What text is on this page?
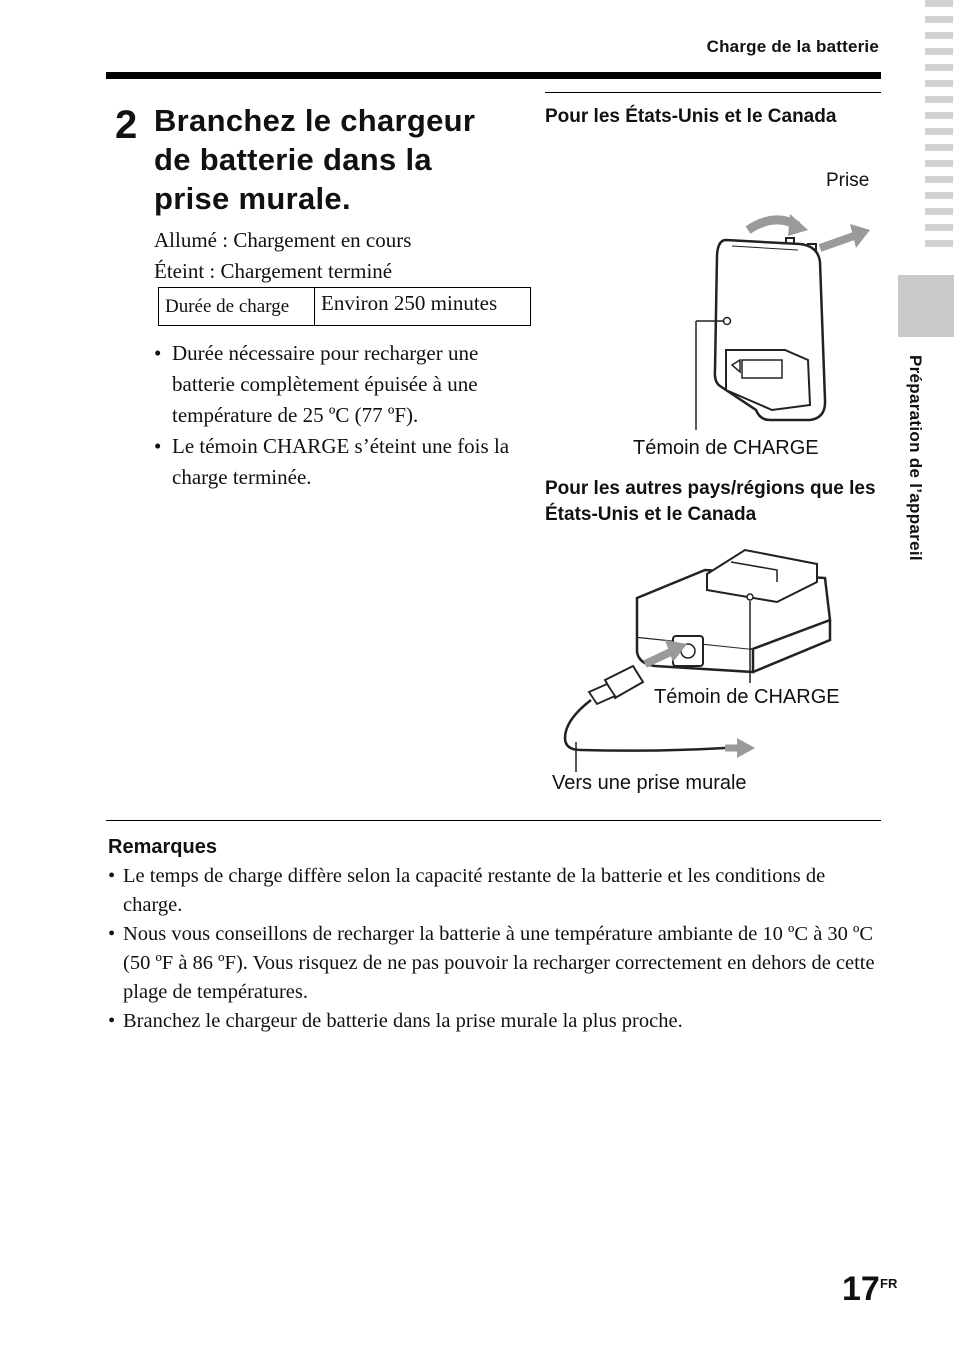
Charge de la batterie
Préparation de l’appareil
2 Branchez le chargeur de batterie dans la prise murale.
Allumé : Chargement en cours
Éteint : Chargement terminé
Durée de charge	Environ 250 minutes
• Durée nécessaire pour recharger une batterie complètement épuisée à une température de 25 ºC (77 ºF).
• Le témoin CHARGE s’éteint une fois la charge terminée.
Pour les États-Unis et le Canada
Prise
Témoin de CHARGE
Pour les autres pays/régions que les États-Unis et le Canada
Témoin de CHARGE
Vers une prise murale
Remarques
• Le temps de charge diffère selon la capacité restante de la batterie et les conditions de charge.
• Nous vous conseillons de recharger la batterie à une température ambiante de 10 ºC à 30 ºC (50 ºF à 86 ºF). Vous risquez de ne pas pouvoir la recharger correctement en dehors de cette plage de températures.
• Branchez le chargeur de batterie dans la prise murale la plus proche.
17 FR
